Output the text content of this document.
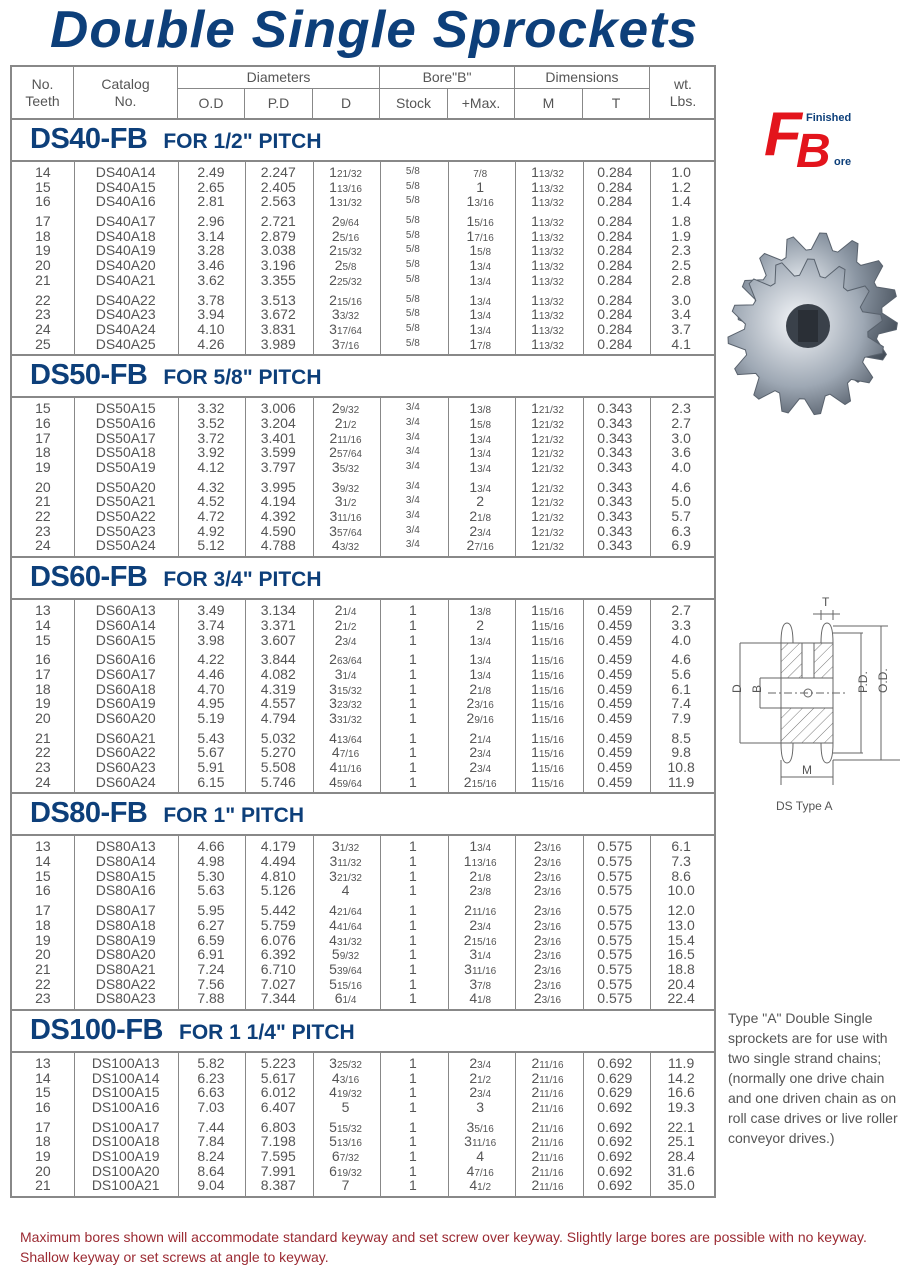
Double Single Sprockets
No. Teeth
Catalog No.
Diameters	Bore"B"	Dimensions	wt. Lbs.
O.D	P.D	D	Stock	+Max.	M	T
DS40-FB FOR 1/2" PITCH
14	DS40A14	2.49	2.247	121/32	5/8	7/8	113/32	0.284	1.0
15	DS40A15	2.65	2.405	113/16	5/8	1	113/32	0.284	1.2
16	DS40A16	2.81	2.563	131/32	5/8	13/16	113/32	0.284	1.4
17	DS40A17	2.96	2.721	29/64	5/8	15/16	113/32	0.284	1.8
18	DS40A18	3.14	2.879	25/16	5/8	17/16	113/32	0.284	1.9
19	DS40A19	3.28	3.038	215/32	5/8	15/8	113/32	0.284	2.3
20	DS40A20	3.46	3.196	25/8	5/8	13/4	113/32	0.284	2.5
21	DS40A21	3.62	3.355	225/32	5/8	13/4	113/32	0.284	2.8
22	DS40A22	3.78	3.513	215/16	5/8	13/4	113/32	0.284	3.0
23	DS40A23	3.94	3.672	33/32	5/8	13/4	113/32	0.284	3.4
24	DS40A24	4.10	3.831	317/64	5/8	13/4	113/32	0.284	3.7
25	DS40A25	4.26	3.989	37/16	5/8	17/8	113/32	0.284	4.1
DS50-FB FOR 5/8" PITCH
15	DS50A15	3.32	3.006	29/32	3/4	13/8	121/32	0.343	2.3
16	DS50A16	3.52	3.204	21/2	3/4	15/8	121/32	0.343	2.7
17	DS50A17	3.72	3.401	211/16	3/4	13/4	121/32	0.343	3.0
18	DS50A18	3.92	3.599	257/64	3/4	13/4	121/32	0.343	3.6
19	DS50A19	4.12	3.797	35/32	3/4	13/4	121/32	0.343	4.0
20	DS50A20	4.32	3.995	39/32	3/4	13/4	121/32	0.343	4.6
21	DS50A21	4.52	4.194	31/2	3/4	2	121/32	0.343	5.0
22	DS50A22	4.72	4.392	311/16	3/4	21/8	121/32	0.343	5.7
23	DS50A23	4.92	4.590	357/64	3/4	23/4	121/32	0.343	6.3
24	DS50A24	5.12	4.788	43/32	3/4	27/16	121/32	0.343	6.9
DS60-FB FOR 3/4" PITCH
13	DS60A13	3.49	3.134	21/4	1	13/8	115/16	0.459	2.7
14	DS60A14	3.74	3.371	21/2	1	2	115/16	0.459	3.3
15	DS60A15	3.98	3.607	23/4	1	13/4	115/16	0.459	4.0
16	DS60A16	4.22	3.844	263/64	1	13/4	115/16	0.459	4.6
17	DS60A17	4.46	4.082	31/4	1	13/4	115/16	0.459	5.6
18	DS60A18	4.70	4.319	315/32	1	21/8	115/16	0.459	6.1
19	DS60A19	4.95	4.557	323/32	1	23/16	115/16	0.459	7.4
20	DS60A20	5.19	4.794	331/32	1	29/16	115/16	0.459	7.9
21	DS60A21	5.43	5.032	413/64	1	21/4	115/16	0.459	8.5
22	DS60A22	5.67	5.270	47/16	1	23/4	115/16	0.459	9.8
23	DS60A23	5.91	5.508	411/16	1	23/4	115/16	0.459	10.8
24	DS60A24	6.15	5.746	459/64	1	215/16	115/16	0.459	11.9
DS80-FB FOR 1" PITCH
13	DS80A13	4.66	4.179	31/32	1	13/4	23/16	0.575	6.1
14	DS80A14	4.98	4.494	311/32	1	113/16	23/16	0.575	7.3
15	DS80A15	5.30	4.810	321/32	1	21/8	23/16	0.575	8.6
16	DS80A16	5.63	5.126	4	1	23/8	23/16	0.575	10.0
17	DS80A17	5.95	5.442	421/64	1	211/16	23/16	0.575	12.0
18	DS80A18	6.27	5.759	441/64	1	23/4	23/16	0.575	13.0
19	DS80A19	6.59	6.076	431/32	1	215/16	23/16	0.575	15.4
20	DS80A20	6.91	6.392	59/32	1	31/4	23/16	0.575	16.5
21	DS80A21	7.24	6.710	539/64	1	311/16	23/16	0.575	18.8
22	DS80A22	7.56	7.027	515/16	1	37/8	23/16	0.575	20.4
23	DS80A23	7.88	7.344	61/4	1	41/8	23/16	0.575	22.4
DS100-FB FOR 1 1/4" PITCH
13	DS100A13	5.82	5.223	325/32	1	23/4	211/16	0.692	11.9
14	DS100A14	6.23	5.617	43/16	1	21/2	211/16	0.629	14.2
15	DS100A15	6.63	6.012	419/32	1	23/4	211/16	0.629	16.6
16	DS100A16	7.03	6.407	5	1	3	211/16	0.692	19.3
17	DS100A17	7.44	6.803	515/32	1	35/16	211/16	0.692	22.1
18	DS100A18	7.84	7.198	513/16	1	311/16	211/16	0.692	25.1
19	DS100A19	8.24	7.595	67/32	1	4	211/16	0.692	28.4
20	DS100A20	8.64	7.991	619/32	1	47/16	211/16	0.692	31.6
21	DS100A21	9.04	8.387	7	1	41/2	211/16	0.692	35.0
F
B
Finished
ore
T
D B	P.D. O.D.
M
DS Type A
Type "A" Double Single sprockets are for use with two single strand chains; (normally one drive chain and one driven chain as on roll case drives or live roller conveyor drives.)
Maximum bores shown will accommodate standard keyway and set screw over keyway. Slightly large bores are possible with no keyway. Shallow keyway or set screws at angle to keyway.
